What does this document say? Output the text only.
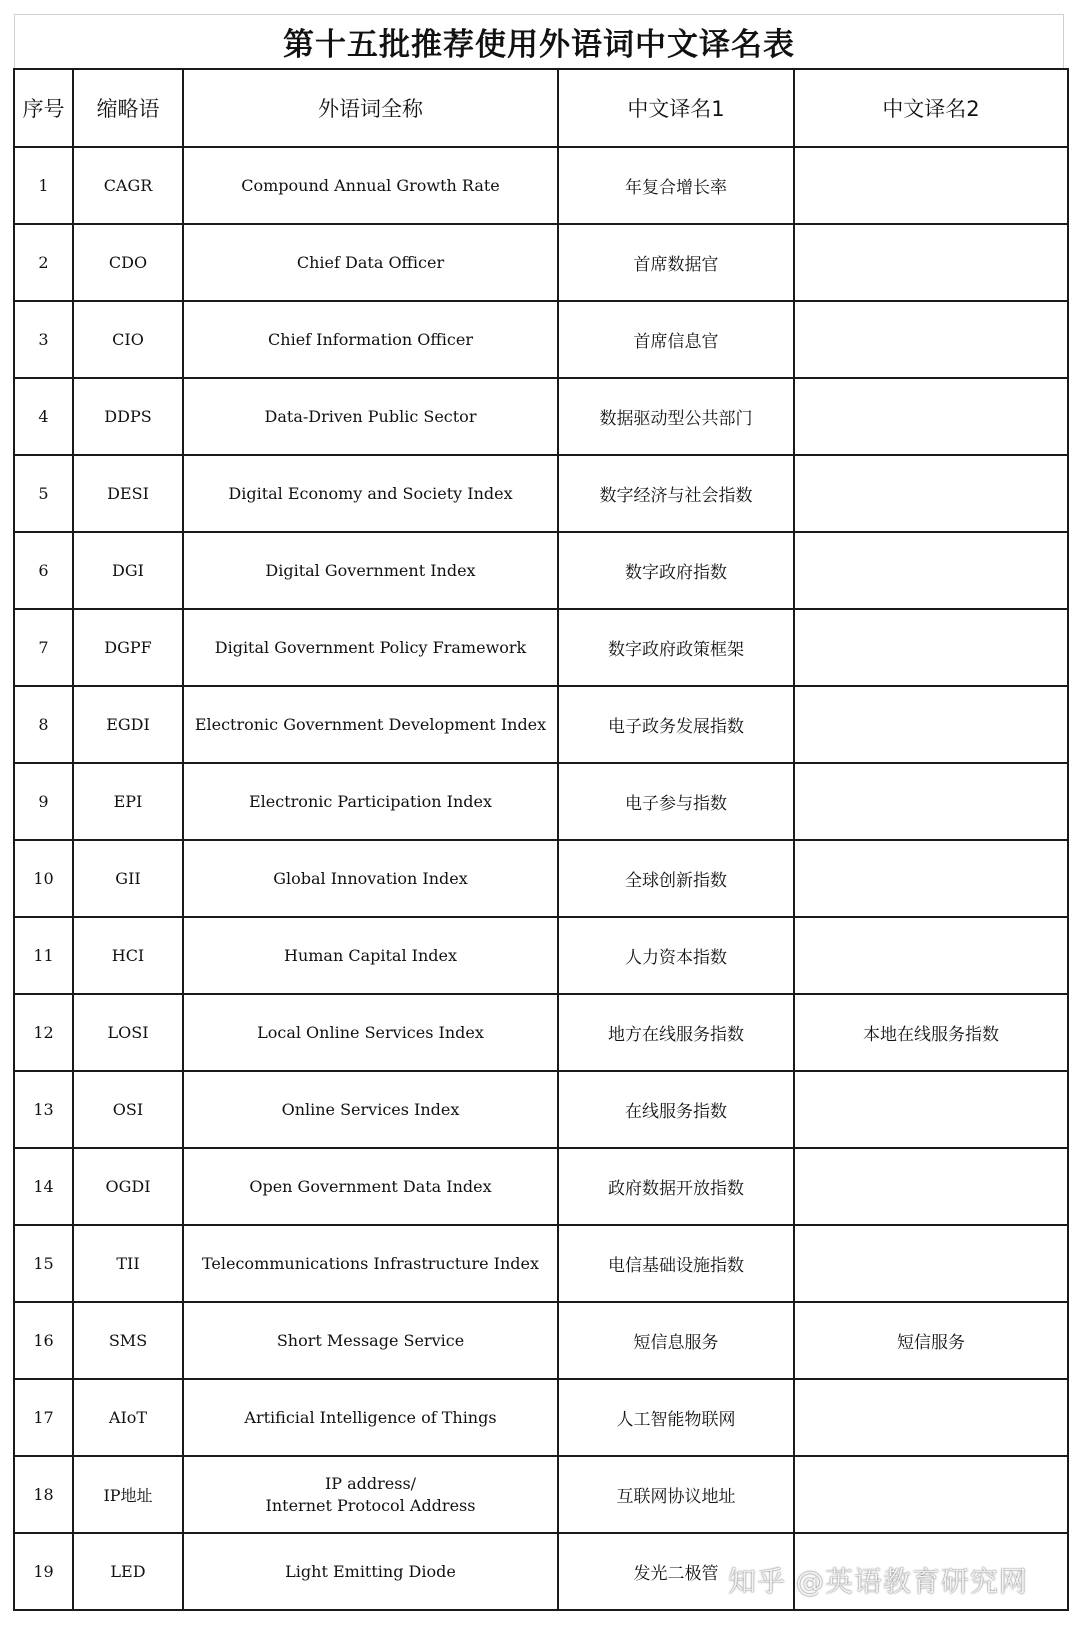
第十五批推荐使用外语词中文译名表
序号	缩略语	外语词全称	中文译名1	中文译名2
1	CAGR	Compound Annual Growth Rate	年复合增长率	
2	CDO	Chief Data Officer	首席数据官	
3	CIO	Chief Information Officer	首席信息官	
4	DDPS	Data-Driven Public Sector	数据驱动型公共部门	
5	DESI	Digital Economy and Society Index	数字经济与社会指数	
6	DGI	Digital Government Index	数字政府指数	
7	DGPF	Digital Government Policy Framework	数字政府政策框架	
8	EGDI	Electronic Government Development Index	电子政务发展指数	
9	EPI	Electronic Participation Index	电子参与指数	
10	GII	Global Innovation Index	全球创新指数	
11	HCI	Human Capital Index	人力资本指数	
12	LOSI	Local Online Services Index	地方在线服务指数	本地在线服务指数
13	OSI	Online Services Index	在线服务指数	
14	OGDI	Open Government Data Index	政府数据开放指数	
15	TII	Telecommunications Infrastructure Index	电信基础设施指数	
16	SMS	Short Message Service	短信息服务	短信服务
17	AIoT	Artificial Intelligence of Things	人工智能物联网	
18	IP地址	IP address/
Internet Protocol Address	互联网协议地址	
19	LED	Light Emitting Diode	发光二极管	知乎 @英语教育研究网
